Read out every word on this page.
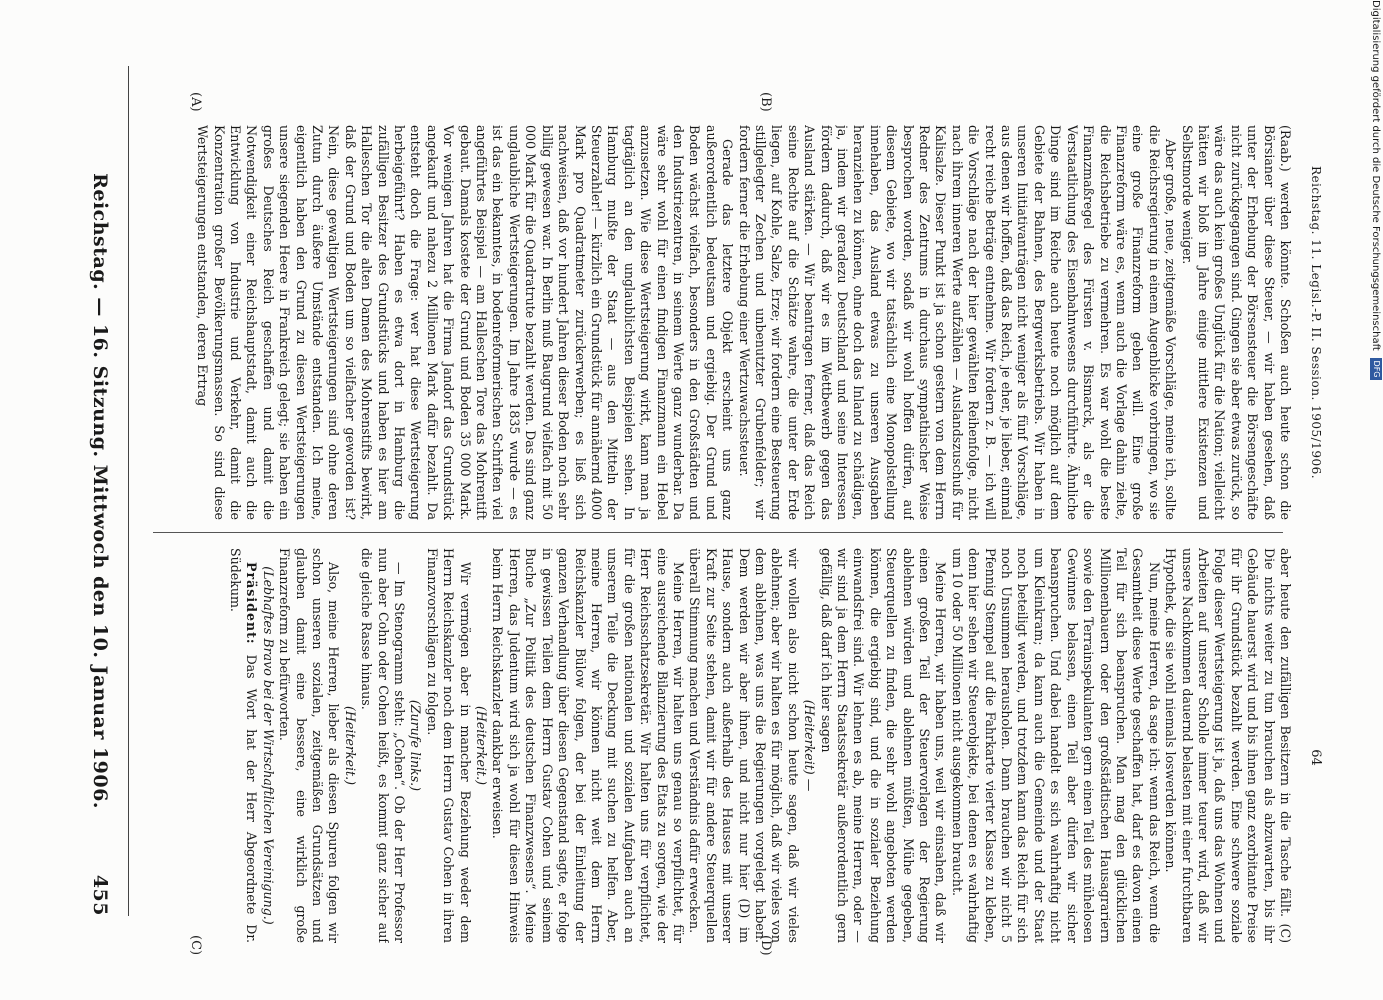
Reichstag. — 16. Sitzung. Mittwoch den 10. Januar 1906.
455
(A)	(B)
(C)	(D)

(Raab.) werden könnte. Schoßen auch heute schon die Börsianer über diese Steuer, — wir haben gesehen, daß unter der Erhebung der Börsensteuer die Börsengeschäfte nicht zurückgegangen sind. Gingen sie aber etwas zurück, so wäre das auch kein großes Unglück für die Nation; vielleicht hätten wir bloß im Jahre einige mittlere Existenzen und Selbstmorde weniger.

Aber große, neue, zeitgemäße Vorschläge, meine ich, sollte die Reichsregierung in einem Augenblicke vorbringen, wo sie eine große Finanzreform geben will. Eine große Finanzreform wäre es, wenn auch die Vorlage dahin zielte, die Reichsbetriebe zu vermehren. Es war wohl die beste Finanzmaßregel des Fürsten v. Bismarck, als er die Verstaatlichung des Eisenbahnwesens durchführte. Ähnliche Dinge sind im Reiche auch heute noch möglich auf dem Gebiete der Bahnen, des Bergwerksbetriebs. Wir haben in unseren Initiativanträgen nicht weniger als fünf Vorschläge, aus denen wir hoffen, daß das Reich, je eher, je lieber, einmal recht reiche Beträge entnehme. Wir fordern z. B. — ich will die Vorschläge nach der hier gewählten Reihenfolge, nicht nach ihrem inneren Werte aufzählen — Auslandszuschuß für Kalisalze. Dieser Punkt ist ja schon gestern von dem Herrn Redner des Zentrums in durchaus sympathischer Weise besprochen worden, sodaß wir wohl hoffen dürfen, auf diesem Gebiete, wo wir tatsächlich eine Monopolstellung innehaben, das Ausland etwas zu unseren Ausgaben heranziehen zu können, ohne doch das Inland zu schädigen, ja, indem wir geradezu Deutschland und seine Interessen fördern dadurch, daß wir es im Wettbewerb gegen das Ausland stärken. — Wir beantragen ferner, daß das Reich seine Rechte auf die Schätze wahre, die unter der Erde liegen, auf Kohle, Salze, Erze; wir fordern eine Besteuerung stillgelegter Zechen und unbenutzter Grubenfelder; wir fordern ferner die Erhebung einer Wertzuwachssteuer.

Gerade das letztere Objekt erscheint uns ganz außerordentlich bedeutsam und ergiebig. Der Grund und Boden wächst vielfach, besonders in den Großstädten und den Industriezentren, in seinem Werte ganz wunderbar. Da wäre sehr wohl für einen findigen Finanzmann ein Hebel anzusetzen. Wie diese Wertsteigerung wirkt, kann man ja tagtäglich an den unglaublichsten Beispielen sehen. In Hamburg mußte der Staat — aus den Mitteln der Steuerzahler! — kürzlich ein Grundstück für annähernd 4000 Mark pro Quadratmeter zurückerwerben; es ließ sich nachweisen, daß vor hundert Jahren dieser Boden noch sehr billig gewesen war. In Berlin muß Baugrund vielfach mit 50 000 Mark für die Quadratrute bezahlt werden. Das sind ganz unglaubliche Wertsteigerungen. Im Jahre 1835 wurde — es ist das ein bekanntes, in bodenreformerischen Schriften viel angeführtes Beispiel — am Halleschen Tore das Mohrentift gebaut. Damals kostete der Grund und Boden 35 000 Mark. Vor wenigen Jahren hat die Firma Jandorf das Grundstück angekauft und nahezu 2 Millionen Mark dafür bezahlt. Da entsteht doch die Frage: wer hat diese Wertsteigerung herbeigeführt? Haben es etwa dort in Hamburg die zufälligen Besitzer des Grundstücks und haben es hier am Halleschen Tor die alten Damen des Mohrenstifts bewirkt, daß der Grund und Boden um so vielfacher geworden ist? Nein, diese gewaltigen Wertsteigerungen sind ohne deren Zutun durch äußere Umstände entstanden. Ich meine, eigentlich haben den Grund zu diesen Wertsteigerungen unsere siegenden Heere in Frankreich gelegt; sie haben ein großes Deutsches Reich geschaffen und damit die Notwendigkeit einer Reichshauptstadt, damit auch die Entwicklung von Industrie und Verkehr, damit die Konzentration großer Bevölkerungsmassen. So sind diese Wertsteigerungen entstanden, deren Ertrag

aber heute den zufälligen Besitzern in die Tasche fällt. (C) Die nichts weiter zu tun brauchen als abzuwarten, bis ihr Gebäude hauerst wird und bis ihnen ganz exorbitante Preise für ihr Grundstück bezahlt werden. Eine schwere soziale Folge dieser Wertsteigerung ist ja, daß uns das Wohnen und Arbeiten auf unserer Scholle immer teurer wird, daß wir unsere Nachkommen dauernd belasten mit einer furchtbaren Hypothek, die sie wohl niemals loswerden können.

Nun, meine Herren, da sage ich: wenn das Reich, wenn die Gesamtheit diese Werte geschaffen hat, darf es davon einen Teil für sich beanspruchen. Man mag den glücklichen Millionenbauern oder den großstädtischen Hausagrariern sowie den Terrainspekulanten gern einen Teil des mühelosen Gewinnes belassen, einen Teil aber dürfen wir sicher beanspruchen. Und dabei handelt es sich wahrhaftig nicht um Kleinkram; da kann auch die Gemeinde und der Staat noch beteiligt werden, und trotzdem kann das Reich für sich noch Unsummen herausholen. Dann brauchen wir nicht 5 Pfennig Stempel auf die Fahrkarte vierter Klasse zu kleben, denn hier sehen wir Steuerobjekte, bei denen es wahrhaftig um 10 oder 50 Millionen nicht ausgekommen braucht.

Meine Herren, wir haben uns, weil wir einsahen, daß wir einen großen Teil der Steuervorlagen der Regierung ablehnen würden und ablehnen müßten, Mühe gegeben, Steuerquellen zu finden, die sehr wohl angeboten werden können, die ergiebig sind, und die in sozialer Beziehung einwandsfrei sind. Wir lehnen es ab, meine Herren, oder — wir sind ja dem Herrn Staatssekretär außerordentlich gern gefällig, daß darf ich hier sagen

(Heiterkeit) —

wir wollen also nicht schon heute sagen, daß wir vieles ablehnen; aber wir halten es für möglich, daß wir vieles von dem ablehnen, was uns die Regierungen vorgelegt haben. Dem werden wir aber ihnen, und nicht nur hier (D) im Hause, sondern auch außerhalb des Hauses mit unserer Kraft zur Seite stehen, damit wir für andere Steuerquellen überall Stimmung machen und Verständnis dafür erwecken.

Meine Herren, wir halten uns genau so verpflichtet, für eine ausreichende Bilanzierung des Etats zu sorgen, wie der Herr Reichsschatzsekretär. Wir halten uns für verpflichtet, für die großen nationalen und sozialen Aufgaben auch an unserem Teile die Deckung mit suchen zu helfen. Aber, meine Herren, wir können nicht weit dem Herrn Reichskanzler Bülow folgen, der bei der Einleitung der ganzen Verhandlung über diesen Gegenstand sagte, er folge in gewissen Teilen dem Herrn Gustav Cohen und seinem Buche „Zur Politik des deutschen Finanzwesens“. Meine Herren, das Judentum wird sich ja wohl für diesen Hinweis beim Herrn Reichskanzler dankbar erweisen.

(Heiterkeit.)

Wir vermögen aber in mancher Beziehung weder dem Herrn Reichskanzler noch dem Herrn Gustav Cohen in ihren Finanzvorschlägen zu folgen.

(Zurufe links.)

— Im Stenogramm steht: „Cohen“. Ob der Herr Professor nun aber Cohn oder Cohen heißt, es kommt ganz sicher auf die gleiche Rasse hinaus.

(Heiterkeit.)

Also, meine Herren, lieber als diesen Spuren folgen wir schon unseren sozialen, zeitgemäßen Grundsätzen und glauben damit eine bessere, eine wirklich große Finanzreform zu befürworten.

(Lebhaftes Bravo bei der Wirtschaftlichen Vereinigung.)

Präsident: Das Wort hat der Herr Abgeordnete Dr. Südekum.

Reichstag. 11. Legisl.-P. II. Session. 1905/1906.
64
Digitalisierung gefördert durch die Deutsche Forschungsgemeinschaft DFG
